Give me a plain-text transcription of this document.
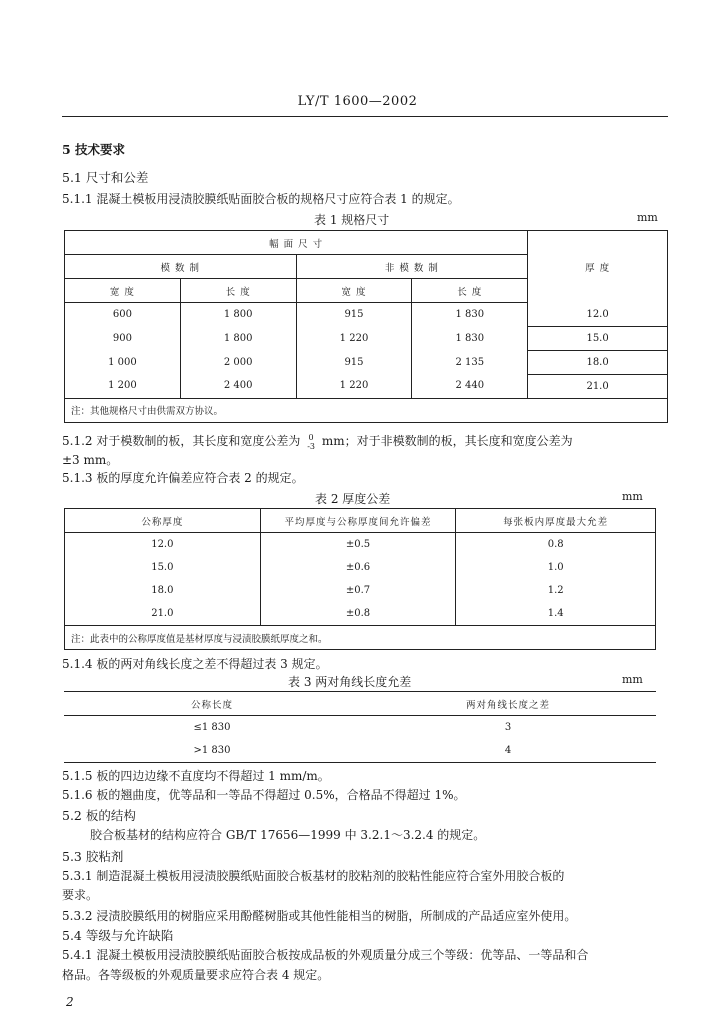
LY/T 1600—2002
5 技术要求
5.1 尺寸和公差
5.1.1 混凝土模板用浸渍胶膜纸贴面胶合板的规格尺寸应符合表 1 的规定。
表 1 规格尺寸	mm
幅 面 尺 寸				厚 度
模 数 制		非 模 数 制		
宽 度	长 度	宽 度	长 度	
600	1 800	915	1 830	12.0
900	1 800	1 220	1 830	15.0
1 000	2 000	915	2 135	18.0
1 200	2 400	1 220	2 440	21.0
注：其他规格尺寸由供需双方协议。				
5.1.2 对于模数制的板，其长度和宽度公差为 0
-3 mm；对于非模数制的板，其长度和宽度公差为
±3 mm。
5.1.3 板的厚度允许偏差应符合表 2 的规定。
表 2 厚度公差	mm
公称厚度	平均厚度与公称厚度间允许偏差	每张板内厚度最大允差
12.0	±0.5	0.8
15.0	±0.6	1.0
18.0	±0.7	1.2
21.0	±0.8	1.4
注：此表中的公称厚度值是基材厚度与浸渍胶膜纸厚度之和。		
5.1.4 板的两对角线长度之差不得超过表 3 规定。
表 3 两对角线长度允差	mm
公称长度	两对角线长度之差
≤1 830	3
>1 830	4
5.1.5 板的四边边缘不直度均不得超过 1 mm/m。
5.1.6 板的翘曲度，优等品和一等品不得超过 0.5%，合格品不得超过 1%。
5.2 板的结构
胶合板基材的结构应符合 GB/T 17656—1999 中 3.2.1～3.2.4 的规定。
5.3 胶粘剂
5.3.1 制造混凝土模板用浸渍胶膜纸贴面胶合板基材的胶粘剂的胶粘性能应符合室外用胶合板的
要求。
5.3.2 浸渍胶膜纸用的树脂应采用酚醛树脂或其他性能相当的树脂，所制成的产品适应室外使用。
5.4 等级与允许缺陷
5.4.1 混凝土模板用浸渍胶膜纸贴面胶合板按成品板的外观质量分成三个等级：优等品、一等品和合
格品。各等级板的外观质量要求应符合表 4 规定。
2
